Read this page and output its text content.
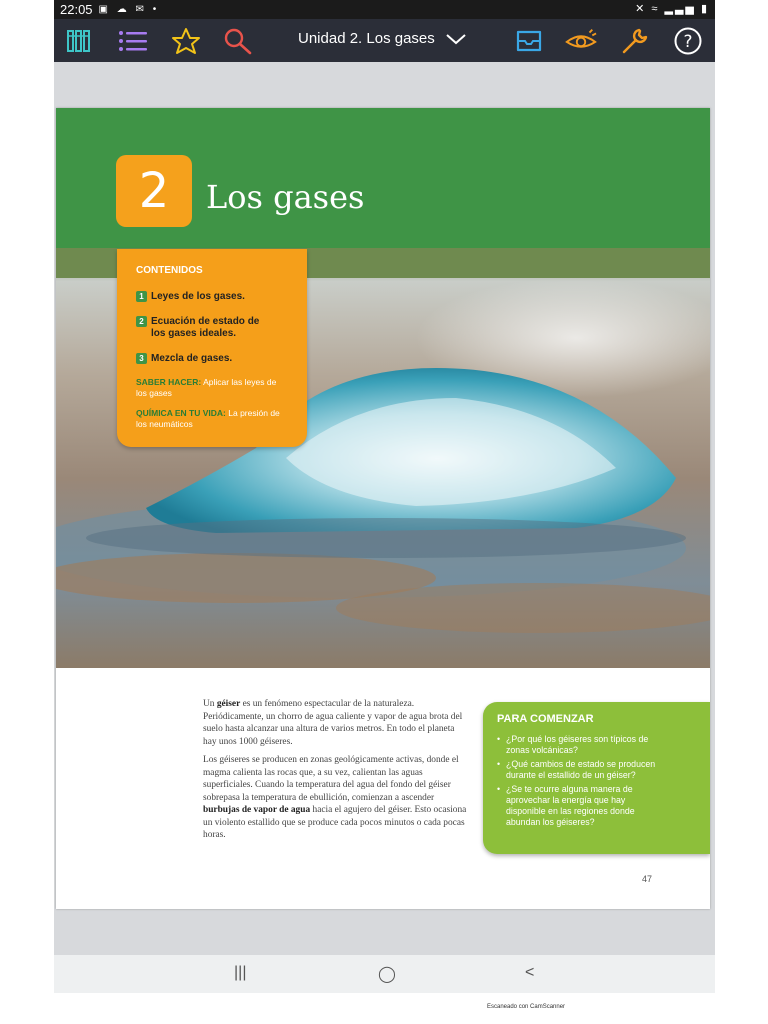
22:05 ▣ ☁ ✉ •	✕ ≈ ▂▃▅ ▮
Unidad 2. Los gases	?
2	Los gases
CONTENIDOS
1 Leyes de los gases.
2 Ecuación de estado de los gases ideales.
3 Mezcla de gases.
SABER HACER: Aplicar las leyes de los gases
QUÍMICA EN TU VIDA: La presión de los neumáticos

Un géiser es un fenómeno espectacular de la naturaleza. Periódicamente, un chorro de agua caliente y vapor de agua brota del suelo hasta alcanzar una altura de varios metros. En todo el planeta hay unos 1000 géiseres.

Los géiseres se producen en zonas geológicamente activas, donde el magma calienta las rocas que, a su vez, calientan las aguas superficiales. Cuando la temperatura del agua del fondo del géiser sobrepasa la temperatura de ebullición, comienzan a ascender burbujas de vapor de agua hacia el agujero del géiser. Esto ocasiona un violento estallido que se produce cada pocos minutos o cada pocas horas.

PARA COMENZAR
• ¿Por qué los géiseres son típicos de zonas volcánicas?
• ¿Qué cambios de estado se producen durante el estallido de un géiser?
• ¿Se te ocurre alguna manera de aprovechar la energía que hay disponible en las regiones donde abundan los géiseres?
47
|||	◯	<
Escaneado con CamScanner
